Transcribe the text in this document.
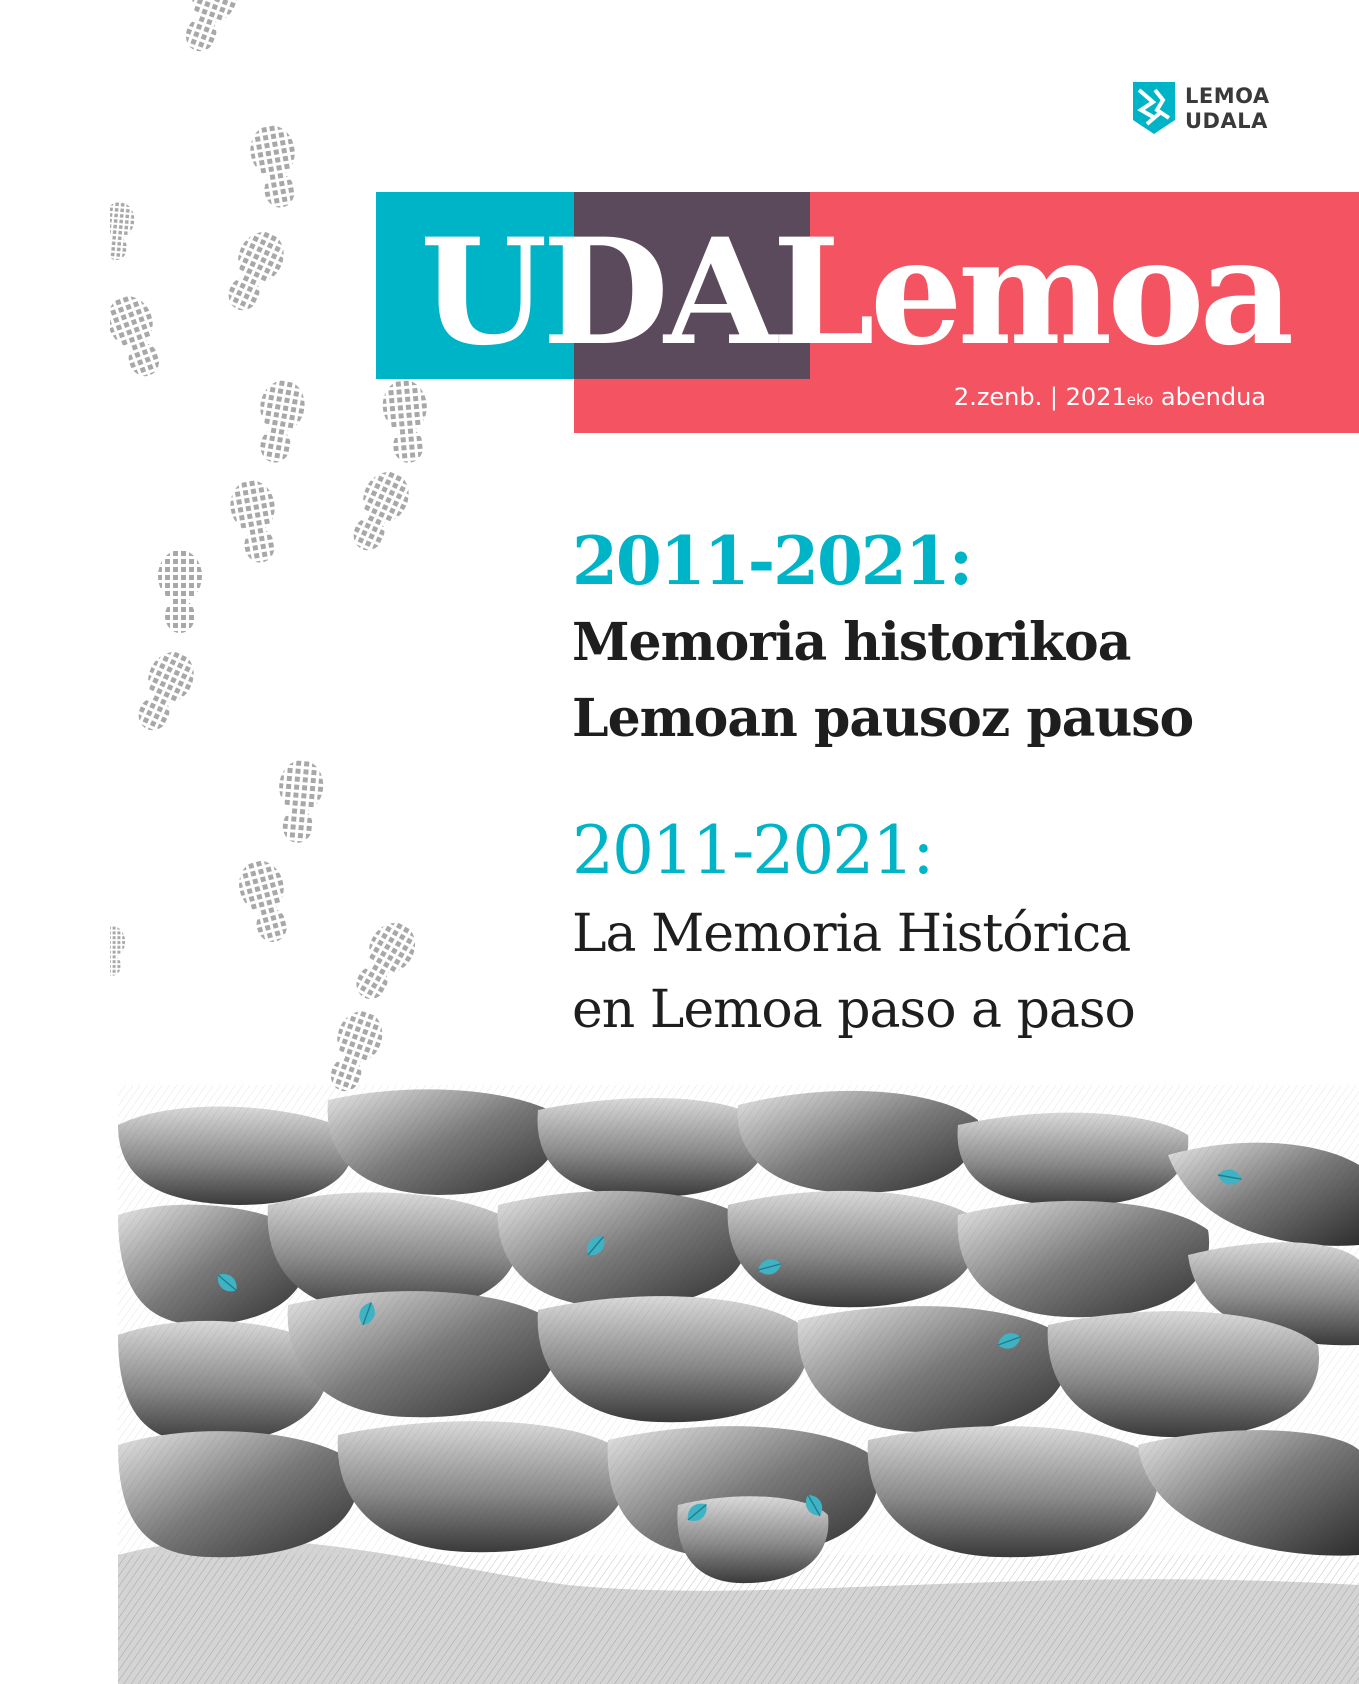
LEMOA
UDALA
UDALemoa
2.zenb. | 2021eko abendua
2011-2021:
Memoria historikoa
Lemoan pausoz pauso
2011-2021:
La Memoria Histórica
en Lemoa paso a paso
